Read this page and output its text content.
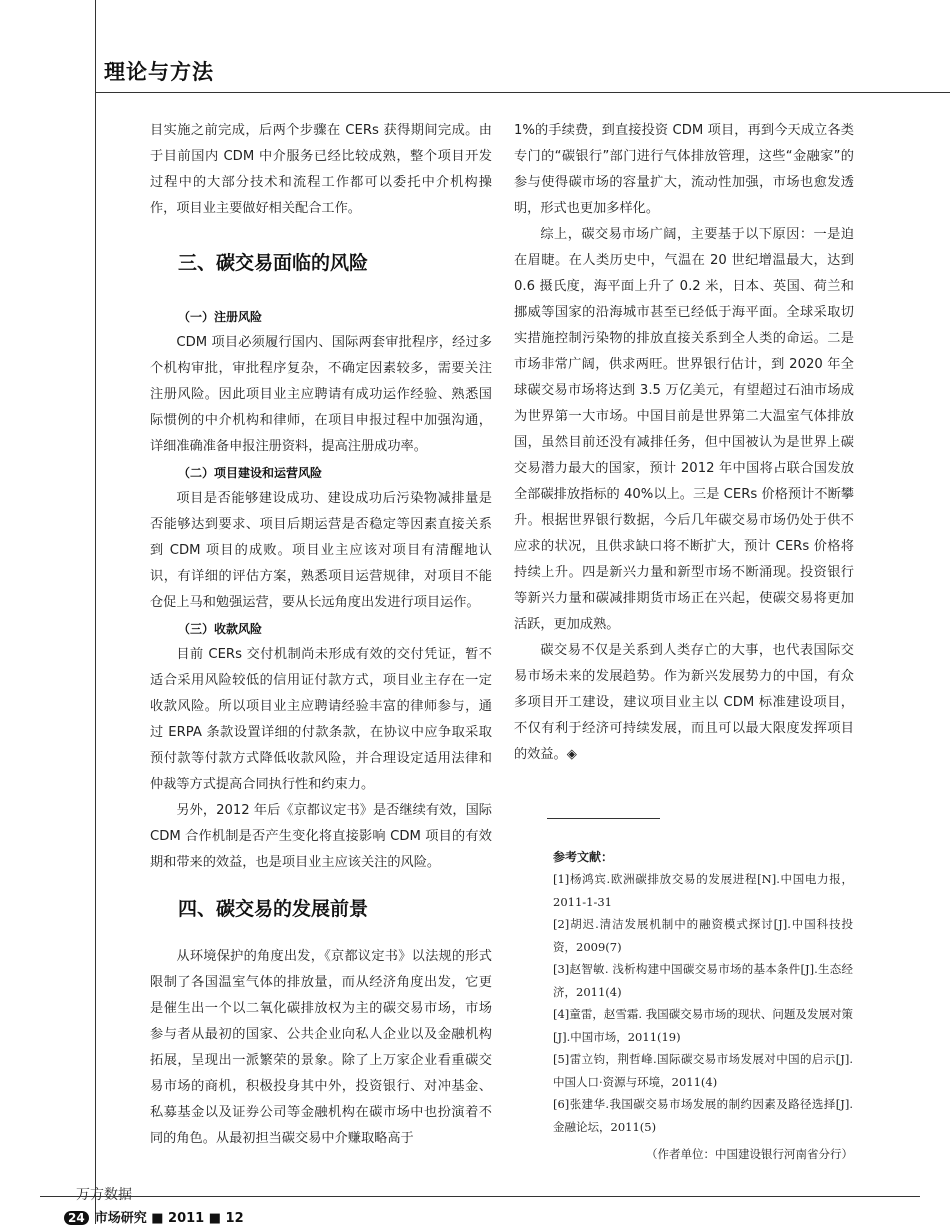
理论与方法

目实施之前完成，后两个步骤在 CERs 获得期间完成。由于目前国内 CDM 中介服务已经比较成熟，整个项目开发过程中的大部分技术和流程工作都可以委托中介机构操作，项目业主要做好相关配合工作。

三、碳交易面临的风险

（一）注册风险

CDM 项目必须履行国内、国际两套审批程序，经过多个机构审批，审批程序复杂，不确定因素较多，需要关注注册风险。因此项目业主应聘请有成功运作经验、熟悉国际惯例的中介机构和律师，在项目申报过程中加强沟通，详细准确准备申报注册资料，提高注册成功率。

（二）项目建设和运营风险

项目是否能够建设成功、建设成功后污染物减排量是否能够达到要求、项目后期运营是否稳定等因素直接关系到 CDM 项目的成败。项目业主应该对项目有清醒地认识，有详细的评估方案，熟悉项目运营规律，对项目不能仓促上马和勉强运营，要从长远角度出发进行项目运作。

（三）收款风险

目前 CERs 交付机制尚未形成有效的交付凭证，暂不适合采用风险较低的信用证付款方式，项目业主存在一定收款风险。所以项目业主应聘请经验丰富的律师参与，通过 ERPA 条款设置详细的付款条款，在协议中应争取采取预付款等付款方式降低收款风险，并合理设定适用法律和仲裁等方式提高合同执行性和约束力。

另外，2012 年后《京都议定书》是否继续有效，国际 CDM 合作机制是否产生变化将直接影响 CDM 项目的有效期和带来的效益，也是项目业主应该关注的风险。

四、碳交易的发展前景

从环境保护的角度出发，《京都议定书》以法规的形式限制了各国温室气体的排放量，而从经济角度出发，它更是催生出一个以二氧化碳排放权为主的碳交易市场，市场参与者从最初的国家、公共企业向私人企业以及金融机构拓展，呈现出一派繁荣的景象。除了上万家企业看重碳交易市场的商机，积极投身其中外，投资银行、对冲基金、私募基金以及证券公司等金融机构在碳市场中也扮演着不同的角色。从最初担当碳交易中介赚取略高于

1%的手续费，到直接投资 CDM 项目，再到今天成立各类专门的“碳银行”部门进行气体排放管理，这些“金融家”的参与使得碳市场的容量扩大，流动性加强，市场也愈发透明，形式也更加多样化。

综上，碳交易市场广阔，主要基于以下原因：一是迫在眉睫。在人类历史中，气温在 20 世纪增温最大，达到 0.6 摄氏度，海平面上升了 0.2 米，日本、英国、荷兰和挪威等国家的沿海城市甚至已经低于海平面。全球采取切实措施控制污染物的排放直接关系到全人类的命运。二是市场非常广阔，供求两旺。世界银行估计，到 2020 年全球碳交易市场将达到 3.5 万亿美元，有望超过石油市场成为世界第一大市场。中国目前是世界第二大温室气体排放国，虽然目前还没有减排任务，但中国被认为是世界上碳交易潜力最大的国家，预计 2012 年中国将占联合国发放全部碳排放指标的 40%以上。三是 CERs 价格预计不断攀升。根据世界银行数据，今后几年碳交易市场仍处于供不应求的状况，且供求缺口将不断扩大，预计 CERs 价格将持续上升。四是新兴力量和新型市场不断涌现。投资银行等新兴力量和碳减排期货市场正在兴起，使碳交易将更加活跃，更加成熟。

碳交易不仅是关系到人类存亡的大事，也代表国际交易市场未来的发展趋势。作为新兴发展势力的中国，有众多项目开工建设，建议项目业主以 CDM 标准建设项目，不仅有利于经济可持续发展，而且可以最大限度发挥项目的效益。◈

参考文献：

[1]杨鸿宾.欧洲碳排放交易的发展进程[N].中国电力报，2011-1-31

[2]胡迟.清洁发展机制中的融资模式探讨[J].中国科技投资，2009(7)

[3]赵智敏. 浅析构建中国碳交易市场的基本条件[J].生态经济，2011(4)

[4]童雷，赵雪霜. 我国碳交易市场的现状、问题及发展对策[J].中国市场，2011(19)

[5]雷立钧，荆哲峰.国际碳交易市场发展对中国的启示[J].中国人口·资源与环境，2011(4)

[6]张建华.我国碳交易市场发展的制约因素及路径选择[J].金融论坛，2011(5)

（作者单位：中国建设银行河南省分行）

万方数据
24 市场研究 ■ 2011 ■ 12
